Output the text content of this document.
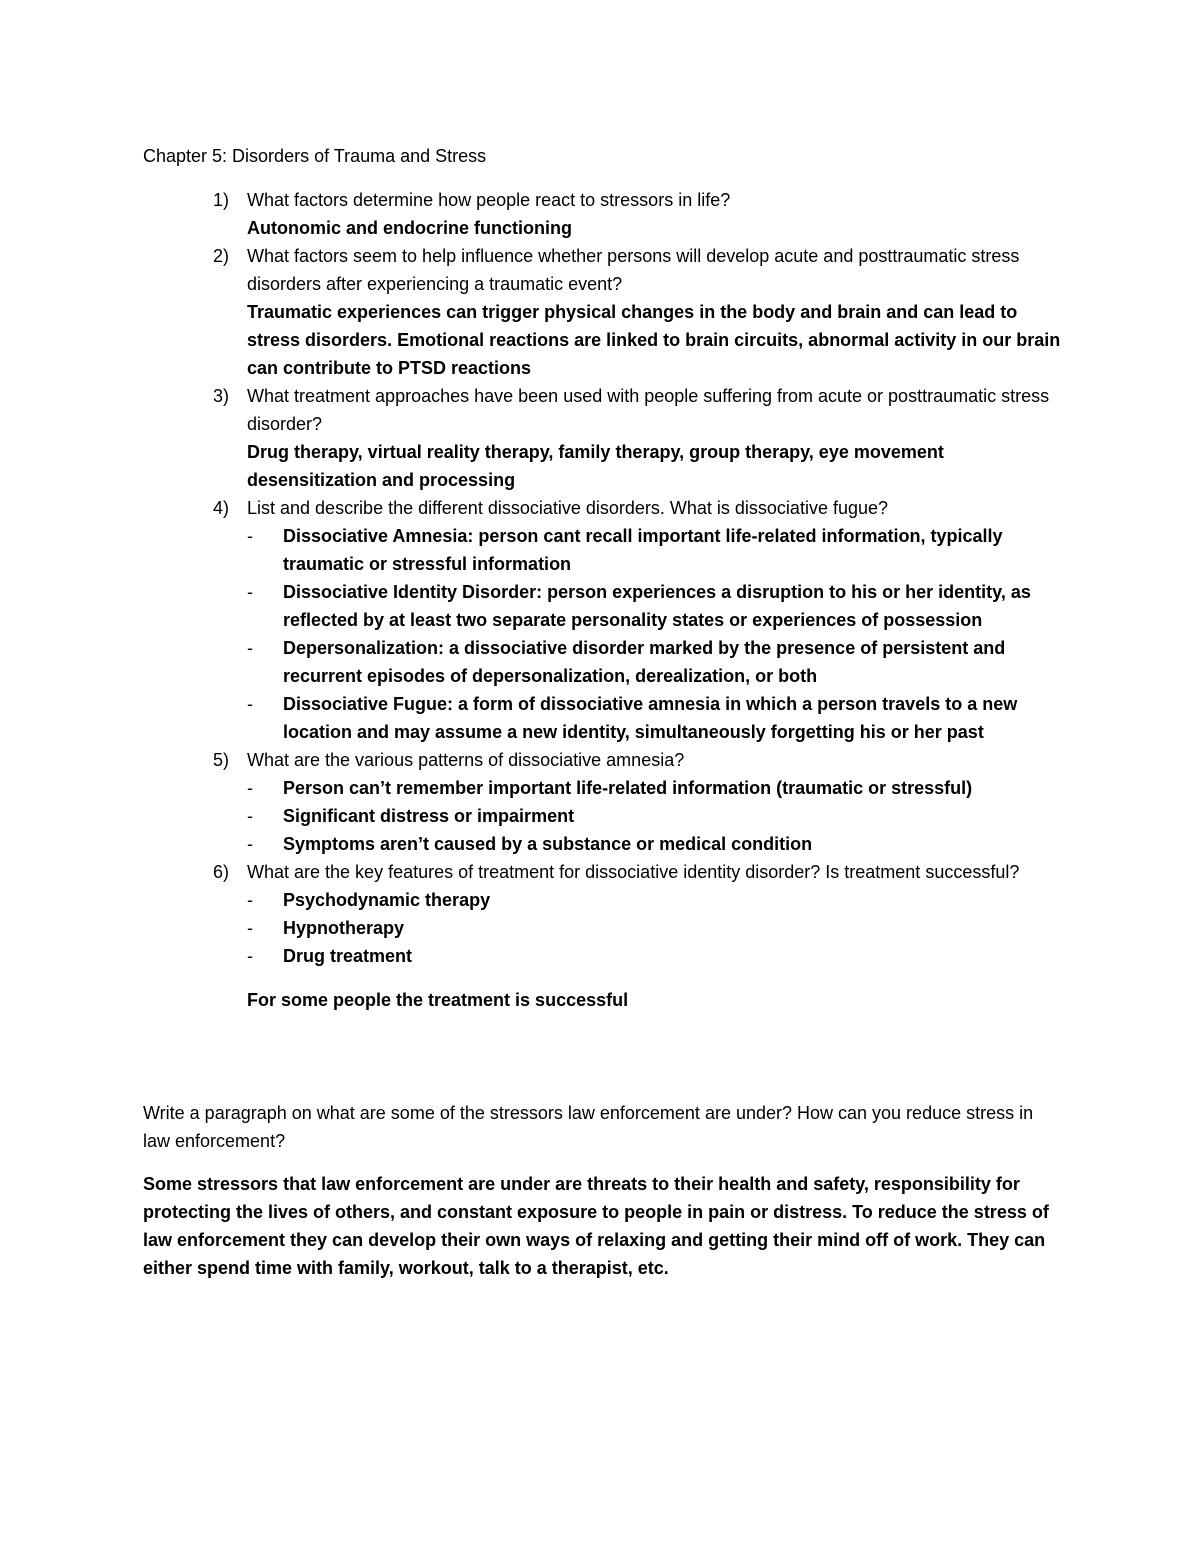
Chapter 5: Disorders of Trauma and Stress
1) What factors determine how people react to stressors in life?
Autonomic and endocrine functioning
2) What factors seem to help influence whether persons will develop acute and posttraumatic stress disorders after experiencing a traumatic event?
Traumatic experiences can trigger physical changes in the body and brain and can lead to stress disorders. Emotional reactions are linked to brain circuits, abnormal activity in our brain can contribute to PTSD reactions
3) What treatment approaches have been used with people suffering from acute or posttraumatic stress disorder?
Drug therapy, virtual reality therapy, family therapy, group therapy, eye movement desensitization and processing
4) List and describe the different dissociative disorders. What is dissociative fugue?
- Dissociative Amnesia: person cant recall important life-related information, typically traumatic or stressful information
- Dissociative Identity Disorder: person experiences a disruption to his or her identity, as reflected by at least two separate personality states or experiences of possession
- Depersonalization: a dissociative disorder marked by the presence of persistent and recurrent episodes of depersonalization, derealization, or both
- Dissociative Fugue: a form of dissociative amnesia in which a person travels to a new location and may assume a new identity, simultaneously forgetting his or her past
5) What are the various patterns of dissociative amnesia?
- Person can’t remember important life-related information (traumatic or stressful)
- Significant distress or impairment
- Symptoms aren’t caused by a substance or medical condition
6) What are the key features of treatment for dissociative identity disorder? Is treatment successful?
- Psychodynamic therapy
- Hypnotherapy
- Drug treatment
For some people the treatment is successful
Write a paragraph on what are some of the stressors law enforcement are under? How can you reduce stress in law enforcement?
Some stressors that law enforcement are under are threats to their health and safety, responsibility for protecting the lives of others, and constant exposure to people in pain or distress. To reduce the stress of law enforcement they can develop their own ways of relaxing and getting their mind off of work. They can either spend time with family, workout, talk to a therapist, etc.
